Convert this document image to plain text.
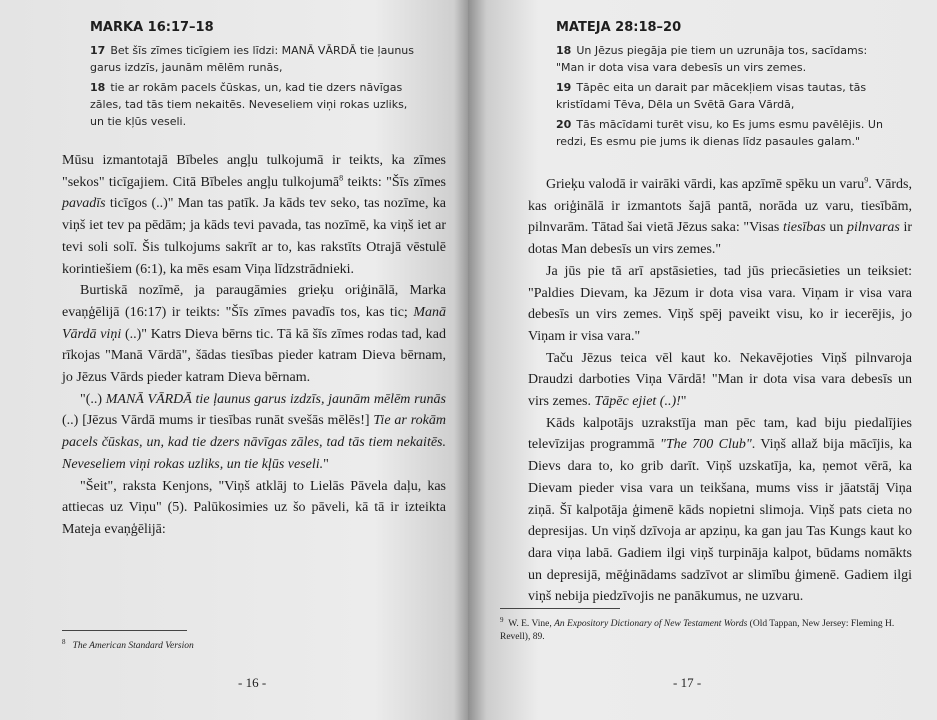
MARKA 16:17–18

17 Bet šīs zīmes ticīgiem ies līdzi: MANĀ VĀRDĀ tie ļaunus garus izdzīs, jaunām mēlēm runās,

18 tie ar rokām pacels čūskas, un, kad tie dzers nāvīgas zāles, tad tās tiem nekaitēs. Neveseliem viņi rokas uzliks, un tie kļūs veseli.

Mūsu izmantotajā Bībeles angļu tulkojumā ir teikts, ka zīmes "sekos" ticīgajiem. Citā Bībeles angļu tulkojumā$^8$ teikts: "Šīs zīmes pavadīs ticīgos (..)" Man tas patīk. Ja kāds tev seko, tas nozīme, ka viņš iet tev pa pēdām; ja kāds tevi pavada, tas nozīmē, ka viņš iet ar tevi soli solī. Šis tulkojums sakrīt ar to, kas rakstīts Otrajā vēstulē korintiešiem (6:1), ka mēs esam Viņa līdzstrādnieki.

Burtiskā nozīmē, ja paraugāmies grieķu oriģinālā, Marka evaņģēlijā (16:17) ir teikts: "Šīs zīmes pavadīs tos, kas tic; Manā Vārdā viņi (..)" Katrs Dieva bērns tic. Tā kā šīs zīmes rodas tad, kad rīkojas "Manā Vārdā", šādas tiesības pieder katram Dieva bērnam, jo Jēzus Vārds pieder katram Dieva bērnam.

"(..) MANĀ VĀRDĀ tie ļaunus garus izdzīs, jaunām mēlēm runās (..) [Jēzus Vārdā mums ir tiesības runāt svešās mēlēs!] Tie ar rokām pacels čūskas, un, kad tie dzers nāvīgas zāles, tad tās tiem nekaitēs. Neveseliem viņi rokas uzliks, un tie kļūs veseli."

"Šeit", raksta Kenjons, "Viņš atklāj to Lielās Pāvela daļu, kas attiecas uz Viņu" (5). Palūkosimies uz šo pāveli, kā tā ir izteikta Mateja evaņģēlijā:

$^8$ The American Standard Version

- 16 -

MATEJA 28:18–20

18 Un Jēzus piegāja pie tiem un uzrunāja tos, sacīdams: "Man ir dota visa vara debesīs un virs zemes.

19 Tāpēc eita un darait par mācekļiem visas tautas, tās kristīdami Tēva, Dēla un Svētā Gara Vārdā,

20 Tās mācīdami turēt visu, ko Es jums esmu pavēlējis. Un redzi, Es esmu pie jums ik dienas līdz pasaules galam."

Grieķu valodā ir vairāki vārdi, kas apzīmē spēku un varu$^9$. Vārds, kas oriģinālā ir izmantots šajā pantā, norāda uz varu, tiesībām, pilnvarām. Tātad šai vietā Jēzus saka: "Visas tiesības un pilnvaras ir dotas Man debesīs un virs zemes."

Ja jūs pie tā arī apstāsieties, tad jūs priecāsieties un teiksiet: "Paldies Dievam, ka Jēzum ir dota visa vara. Viņam ir visa vara debesīs un virs zemes. Viņš spēj paveikt visu, ko ir iecerējis, jo Viņam ir visa vara."

Taču Jēzus teica vēl kaut ko. Nekavējoties Viņš pilnvaroja Draudzi darboties Viņa Vārdā! "Man ir dota visa vara debesīs un virs zemes. Tāpēc ejiet (..)!"

Kāds kalpotājs uzrakstīja man pēc tam, kad biju piedalījies televīzijas programmā "The 700 Club". Viņš allaž bija mācījis, ka Dievs dara to, ko grib darīt. Viņš uzskatīja, ka, ņemot vērā, ka Dievam pieder visa vara un teikšana, mums viss ir jāatstāj Viņa ziņā. Šī kalpotāja ģimenē kāds nopietni slimoja. Viņš pats cieta no depresijas. Un viņš dzīvoja ar apziņu, ka gan jau Tas Kungs kaut ko dara viņa labā. Gadiem ilgi viņš turpināja kalpot, būdams nomākts un depresijā, mēģinādams sadzīvot ar slimību ģimenē. Gadiem ilgi viņš nebija piedzīvojis ne panākumus, ne uzvaru.

$^9$ W. E. Vine, An Expository Dictionary of New Testament Words (Old Tappan, New Jersey: Fleming H. Revell), 89.

- 17 -
